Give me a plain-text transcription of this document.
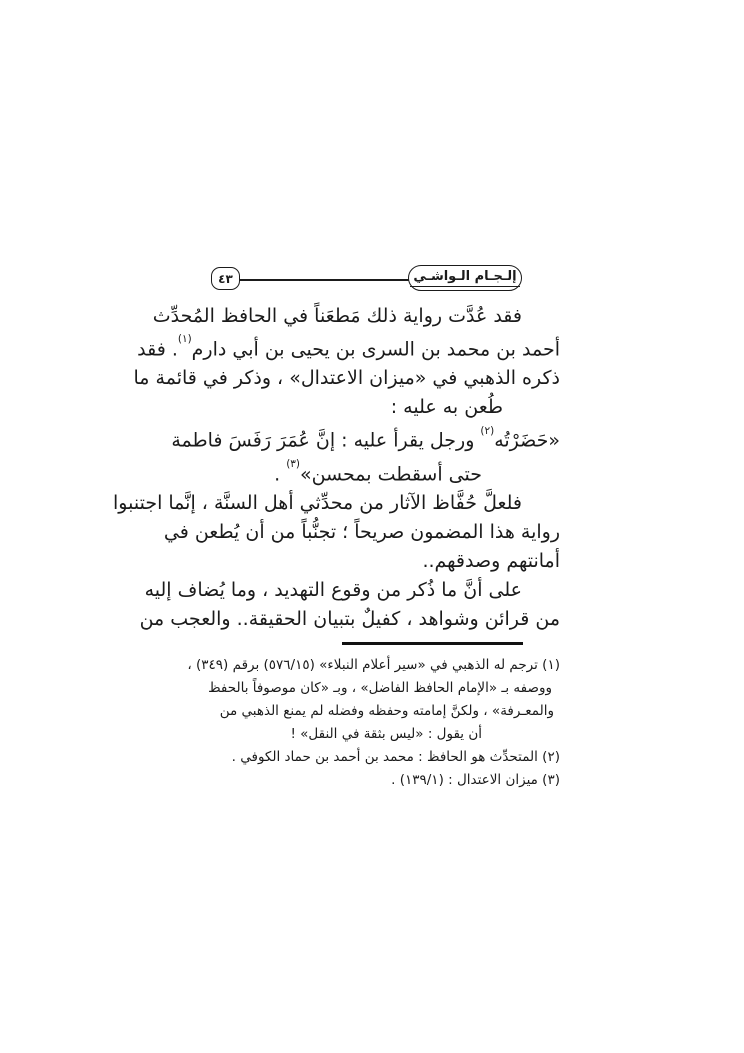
إلـجـام الـواشـي
٤٣
فقد عُدَّت رواية ذلك مَطعَناً في الحافظ المُحدِّث
أحمد بن محمد بن السرى بن يحيى بن أبي دارم$^{(١)}$. فقد
ذكره الذهبي في «ميزان الاعتدال» ، وذكر في قائمة ما
طُعن به عليه :
«حَضَرْتُه$^{(٢)}$ ورجل يقرأ عليه : إنَّ عُمَرَ رَفَسَ فاطمة
حتى أسقطت بمحسن»$^{(٣)}$ .
فلعلَّ حُفَّاظ الآثار من محدِّثي أهل السنَّة ، إنَّما اجتنبوا
رواية هذا المضمون صريحاً ؛ تجنُّباً من أن يُطعن في
أمانتهم وصدقهم..
على أنَّ ما ذُكر من وقوع التهديد ، وما يُضاف إليه
من قرائن وشواهد ، كفيلٌ بتبيان الحقيقة.. والعجب من
(١) ترجم له الذهبي في «سير أعلام النبلاء» (٥٧٦/١٥) برقم (٣٤٩) ،
ووصفه بـ «الإمام الحافظ الفاضل» ، وبـ «كان موصوفاً بالحفظ
والمعـرفة» ، ولكنَّ إمامته وحفظه وفضله لم يمنع الذهبي من
أن يقول : «ليس بثقة في النقل» !
(٢) المتحدِّث هو الحافظ : محمد بن أحمد بن حماد الكوفي .
(٣) ميزان الاعتدال : (١٣٩/١) .
